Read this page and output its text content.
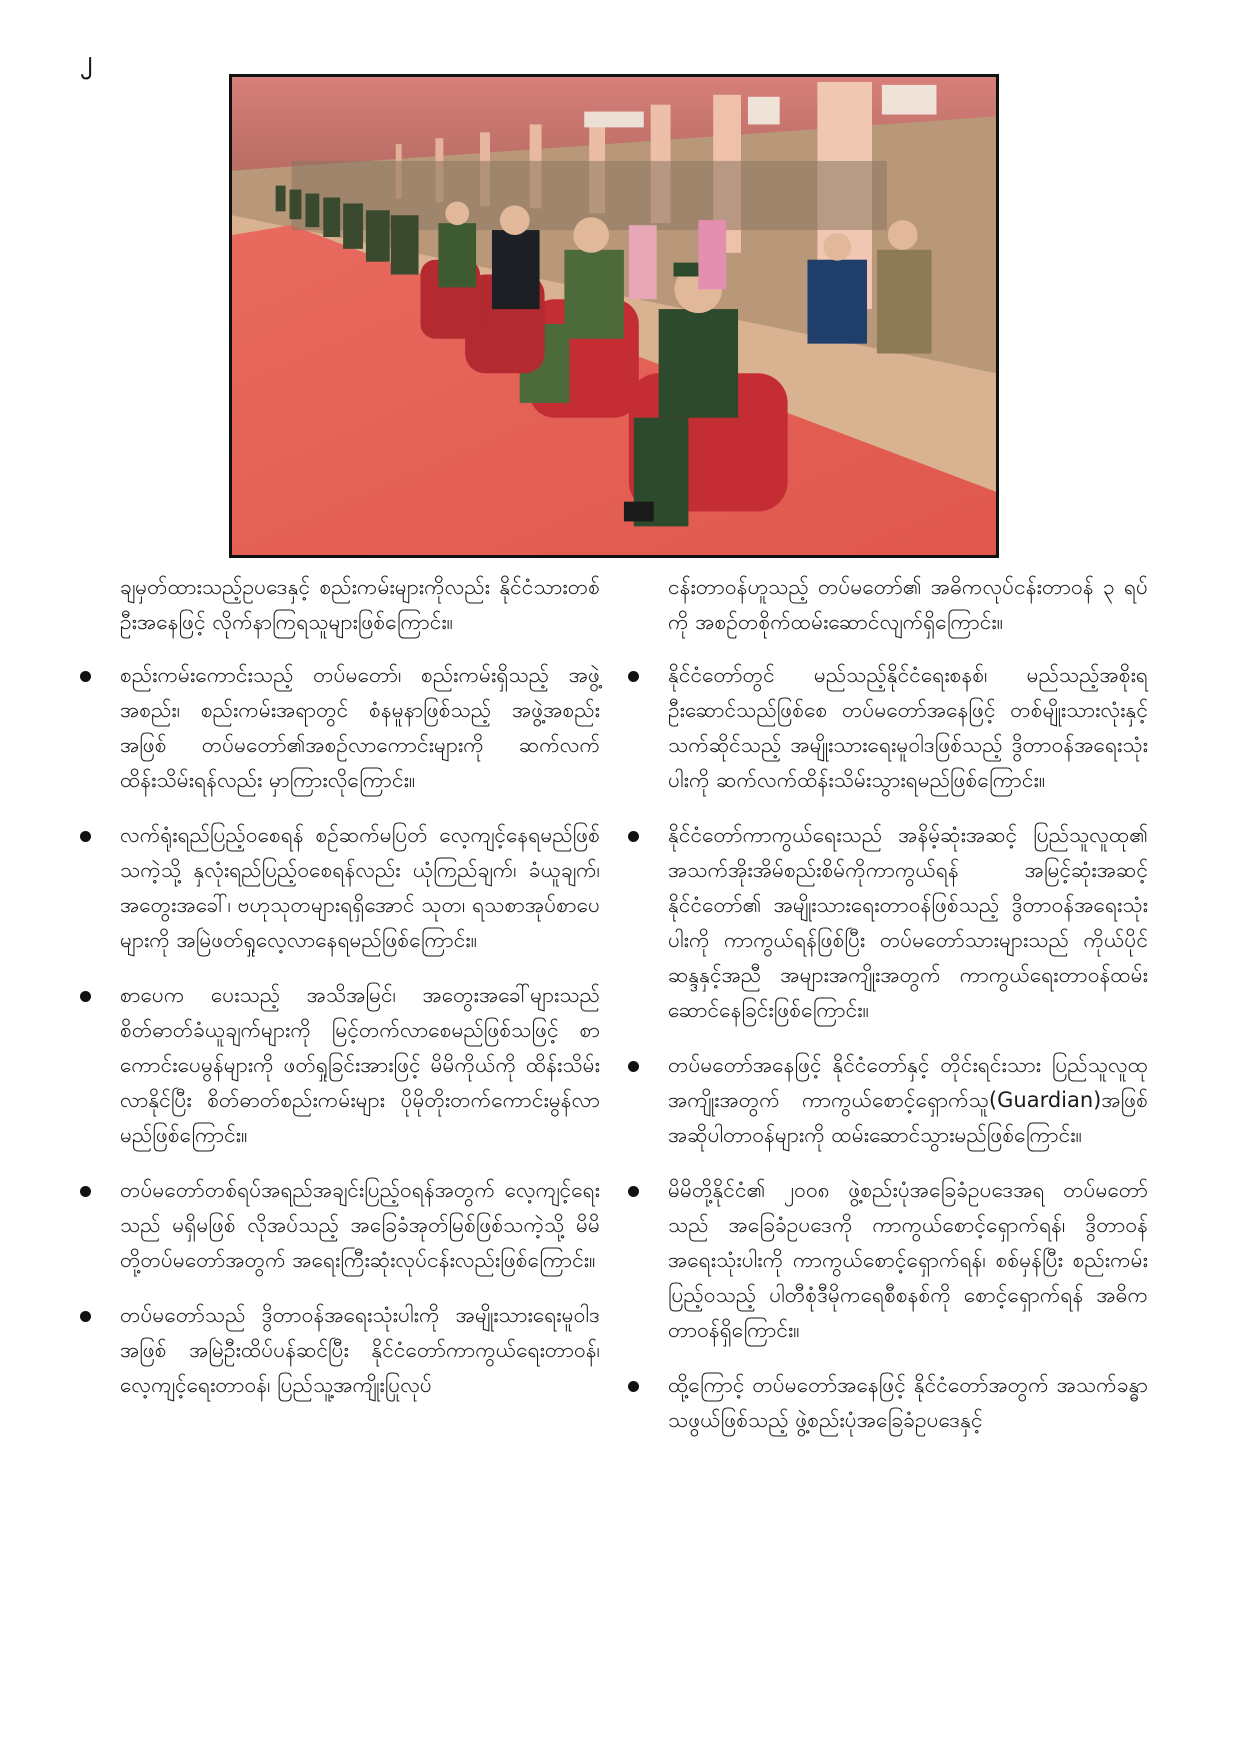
၂

ချမှတ်ထားသည့်ဥပဒေနှင့် စည်းကမ်းများကိုလည်း နိုင်ငံသားတစ်ဦးအနေဖြင့် လိုက်နာကြရသူများဖြစ်ကြောင်း။

စည်းကမ်းကောင်းသည့် တပ်မတော်၊ စည်းကမ်းရှိသည့် အဖွဲ့အစည်း၊ စည်းကမ်းအရာတွင် စံနမူနာဖြစ်သည့် အဖွဲ့အစည်းအဖြစ် တပ်မတော်၏အစဉ်လာကောင်းများကို ဆက်လက်ထိန်းသိမ်းရန်လည်း မှာကြားလိုကြောင်း။
လက်ရုံးရည်ပြည့်ဝစေရန် စဉ်ဆက်မပြတ် လေ့ကျင့်နေရမည်ဖြစ်သကဲ့သို့ နှလုံးရည်ပြည့်ဝစေရန်လည်း ယုံကြည်ချက်၊ ခံယူချက်၊ အတွေးအခေါ်၊ ဗဟုသုတများရရှိအောင် သုတ၊ ရသစာအုပ်စာပေများကို အမြဲဖတ်ရှုလေ့လာနေရမည်ဖြစ်ကြောင်း။
စာပေက ပေးသည့် အသိအမြင်၊ အတွေးအခေါ်များသည် စိတ်ဓာတ်ခံယူချက်များကို မြင့်တက်လာစေမည်ဖြစ်သဖြင့် စာကောင်းပေမွန်များကို ဖတ်ရှုခြင်းအားဖြင့် မိမိကိုယ်ကို ထိန်းသိမ်းလာနိုင်ပြီး စိတ်ဓာတ်စည်းကမ်းများ ပိုမိုတိုးတက်ကောင်းမွန်လာမည်ဖြစ်ကြောင်း။
တပ်မတော်တစ်ရပ်အရည်အချင်းပြည့်ဝရန်အတွက် လေ့ကျင့်ရေးသည် မရှိမဖြစ် လိုအပ်သည့် အခြေခံအုတ်မြစ်ဖြစ်သကဲ့သို့ မိမိတို့တပ်မတော်အတွက် အရေးကြီးဆုံးလုပ်ငန်းလည်းဖြစ်ကြောင်း။
တပ်မတော်သည် ဒွိတာဝန်အရေးသုံးပါးကို အမျိုးသားရေးမူဝါဒအဖြစ် အမြဲဦးထိပ်ပန်ဆင်ပြီး နိုင်ငံတော်ကာကွယ်ရေးတာဝန်၊ လေ့ကျင့်ရေးတာဝန်၊ ပြည်သူ့အကျိုးပြုလုပ်

ငန်းတာဝန်ဟူသည့် တပ်မတော်၏ အဓိကလုပ်ငန်းတာဝန် ၃ ရပ်ကို အစဉ်တစိုက်ထမ်းဆောင်လျက်ရှိကြောင်း။

နိုင်ငံတော်တွင် မည်သည့်နိုင်ငံရေးစနစ်၊ မည်သည့်အစိုးရဦးဆောင်သည်ဖြစ်စေ တပ်မတော်အနေဖြင့် တစ်မျိုးသားလုံးနှင့်သက်ဆိုင်သည့် အမျိုးသားရေးမူဝါဒဖြစ်သည့် ဒွိတာဝန်အရေးသုံးပါးကို ဆက်လက်ထိန်းသိမ်းသွားရမည်ဖြစ်ကြောင်း။
နိုင်ငံတော်ကာကွယ်ရေးသည် အနိမ့်ဆုံးအဆင့် ပြည်သူလူထု၏ အသက်အိုးအိမ်စည်းစိမ်ကိုကာကွယ်ရန် အမြင့်ဆုံးအဆင့် နိုင်ငံတော်၏ အမျိုးသားရေးတာဝန်ဖြစ်သည့် ဒွိတာဝန်အရေးသုံးပါးကို ကာကွယ်ရန်ဖြစ်ပြီး တပ်မတော်သားများသည် ကိုယ်ပိုင်ဆန္ဒနှင့်အညီ အများအကျိုးအတွက် ကာကွယ်ရေးတာဝန်ထမ်းဆောင်နေခြင်းဖြစ်ကြောင်း။
တပ်မတော်အနေဖြင့် နိုင်ငံတော်နှင့် တိုင်းရင်းသား ပြည်သူလူထုအကျိုးအတွက် ကာကွယ်စောင့်ရှောက်သူ(Guardian)အဖြစ် အဆိုပါတာဝန်များကို ထမ်းဆောင်သွားမည်ဖြစ်ကြောင်း။
မိမိတို့နိုင်ငံ၏ ၂၀၀၈ ဖွဲ့စည်းပုံအခြေခံဥပဒေအရ တပ်မတော်သည် အခြေခံဥပဒေကို ကာကွယ်စောင့်ရှောက်ရန်၊ ဒွိတာဝန်အရေးသုံးပါးကို ကာကွယ်စောင့်ရှောက်ရန်၊ စစ်မှန်ပြီး စည်းကမ်းပြည့်ဝသည့် ပါတီစုံဒီမိုကရေစီစနစ်ကို စောင့်ရှောက်ရန် အဓိကတာဝန်ရှိကြောင်း။
ထို့ကြောင့် တပ်မတော်အနေဖြင့် နိုင်ငံတော်အတွက် အသက်ခန္ဓာသဖွယ်ဖြစ်သည့် ဖွဲ့စည်းပုံအခြေခံဥပဒေနှင့်
